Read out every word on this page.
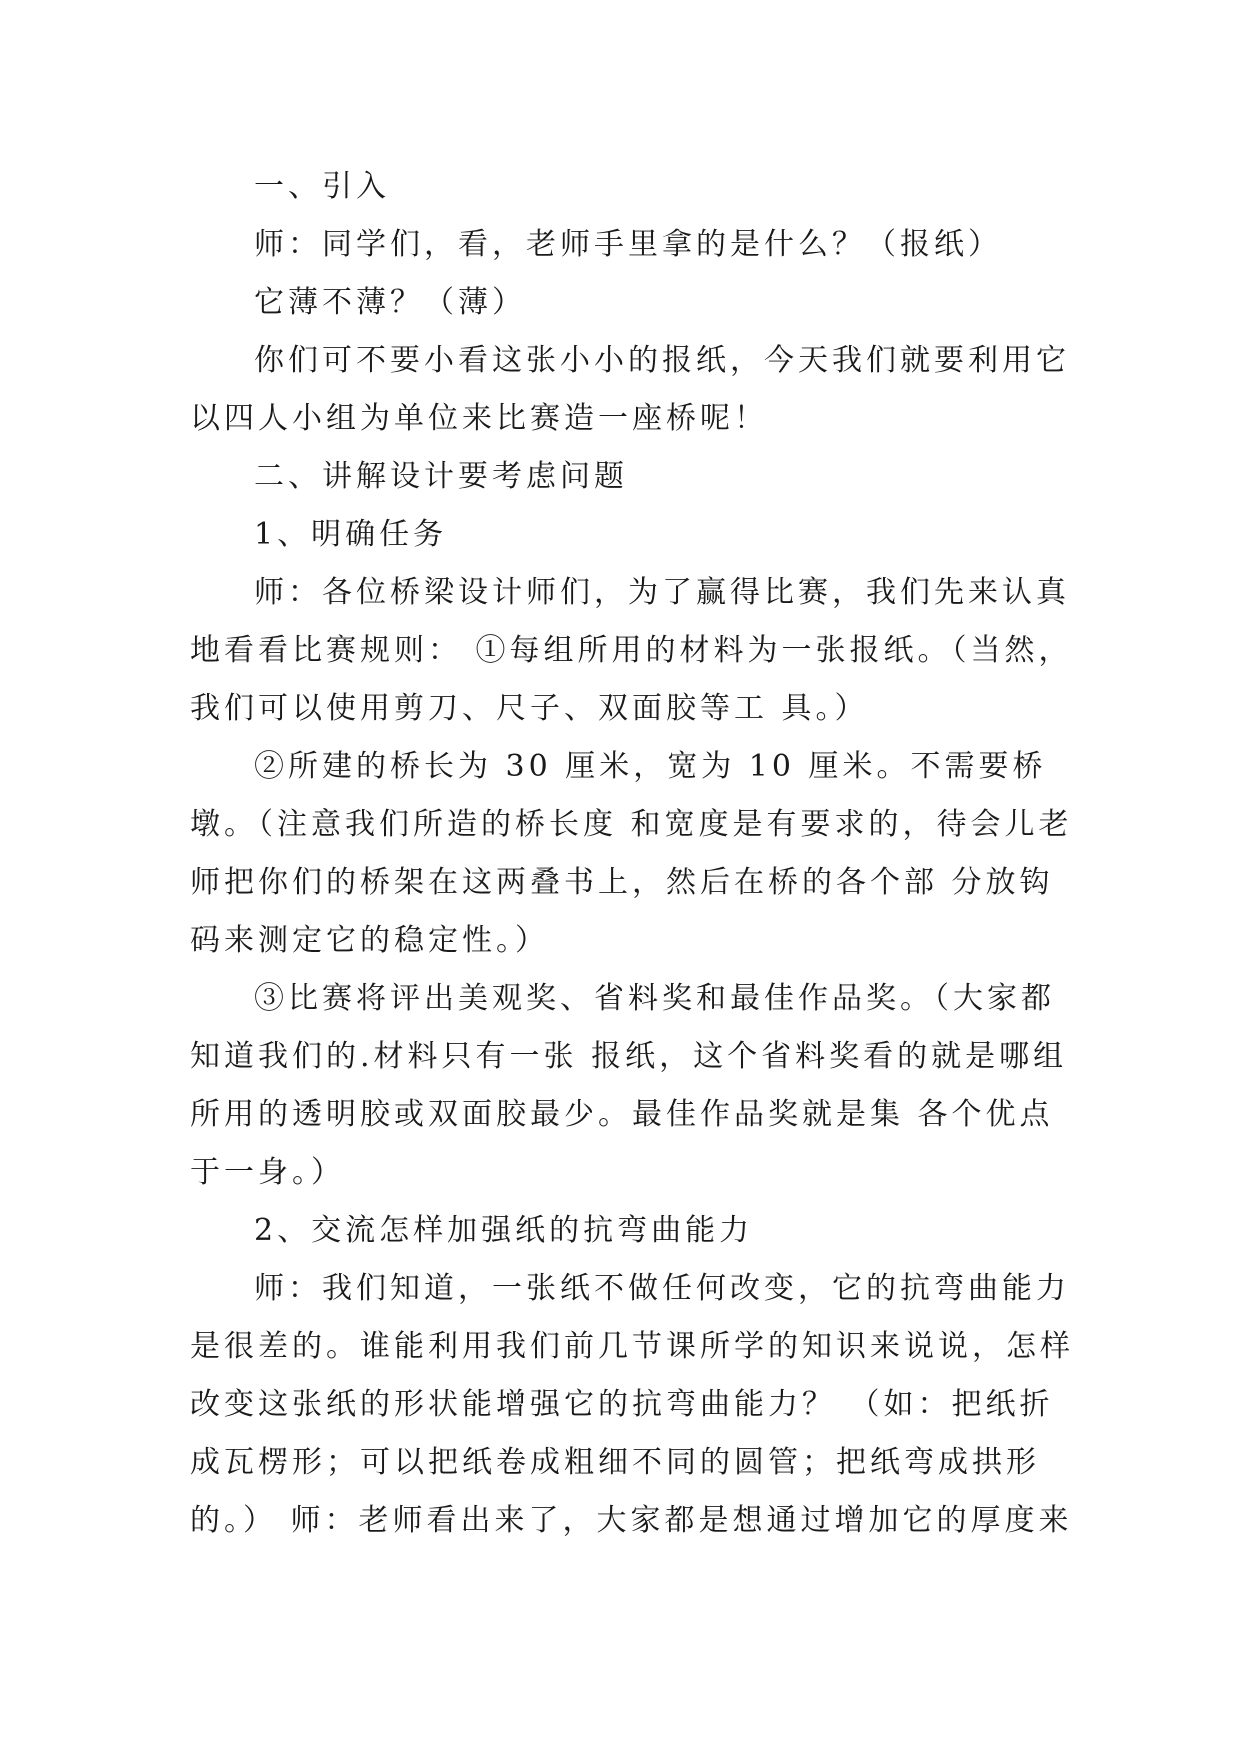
一、引入

师：同学们，看，老师手里拿的是什么？（报纸）

它薄不薄？（薄）

你们可不要小看这张小小的报纸，今天我们就要利用它以四人小组为单位来比赛造一座桥呢！

二、讲解设计要考虑问题

1、明确任务

师：各位桥梁设计师们，为了赢得比赛，我们先来认真地看看比赛规则： ①每组所用的材料为一张报纸。（当然，我们可以使用剪刀、尺子、双面胶等工 具。）

②所建的桥长为 30 厘米，宽为 10 厘米。不需要桥墩。（注意我们所造的桥长度 和宽度是有要求的，待会儿老师把你们的桥架在这两叠书上，然后在桥的各个部 分放钩码来测定它的稳定性。）

③比赛将评出美观奖、省料奖和最佳作品奖。（大家都知道我们的.材料只有一张 报纸，这个省料奖看的就是哪组所用的透明胶或双面胶最少。最佳作品奖就是集 各个优点于一身。）

2、交流怎样加强纸的抗弯曲能力

师：我们知道，一张纸不做任何改变，它的抗弯曲能力是很差的。谁能利用我们前几节课所学的知识来说说，怎样改变这张纸的形状能增强它的抗弯曲能力？ （如：把纸折成瓦楞形；可以把纸卷成粗细不同的圆管；把纸弯成拱形的。） 师：老师看出来了，大家都是想通过增加它的厚度来
